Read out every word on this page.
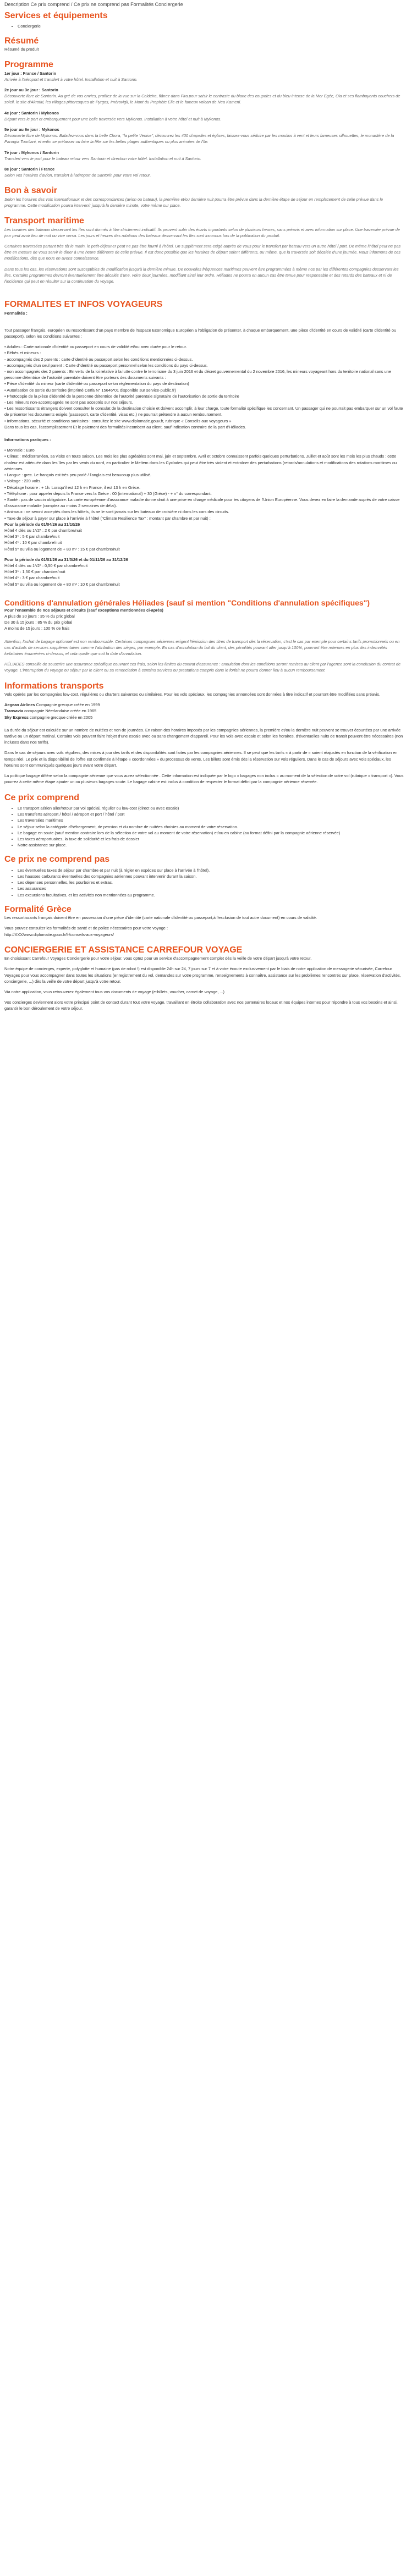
Description Ce prix comprend / Ce prix ne comprend pas Formalités Conciergerie
Services et équipements
• Conciergerie
Résumé

Résumé du produit

Programme
1er jour : France / Santorin
Arrivée à l'aéroport et transfert à votre hôtel. Installation et nuit à Santorin.
2e jour au 3e jour : Santorin
Découverte libre de Santorin. Au gré de vos envies, profitez de la vue sur la Caldeira, flânez dans Fira pour saisir le contraste du blanc des coupoles et du bleu intense de la Mer Egée, Oia et ses flamboyants couchers de soleil, le site d'Akrotiri, les villages pittoresques de Pyrgos, Imérovigli, le Mont du Prophète Elie et le fameux volcan de Nea Kameni.
4e jour : Santorin / Mykonos
Départ vers le port et embarquement pour une belle traversée vers Mykonos. Installation à votre hôtel et nuit à Mykonos.
5e jour au 6e jour : Mykonos
Découverte libre de Mykonos. Baladez-vous dans la belle Chora, "la petite Venise", découvrez les 400 chapelles et églises, laissez-vous séduire par les moulins à vent et leurs fameuses silhouettes, le monastère de la Panagia Tourliani, et enfin se prélasser ou faire la fête sur les belles plages authentiques ou plus animées de l'île.
7è jour : Mykonos / Santorin
Transfert vers le port pour le bateau retour vers Santorin et direction votre hôtel. Installation et nuit à Santorin.
8e jour : Santorin / France
Selon vos horaires d'avion, transfert à l'aéroport de Santorin pour votre vol retour.
Bon à savoir

Selon les horaires des vols internationaux et des correspondances (avion ou bateau), la première et/ou dernière nuit pourra être prévue dans la dernière étape de séjour en remplacement de celle prévue dans le programme. Cette modification pourra intervenir jusqu'à la dernière minute, votre même sur place.

Transport maritime

Les horaires des bateaux desservant les îles sont donnés à titre strictement indicatif. Ils peuvent subir des écarts importants selon de plusieurs heures, sans préavis et avec information sur place. Une traversée prévue de jour peut avoir lieu de nuit ou vice versa. Les jours et heures des rotations des bateaux desservant les îles sont inconnus lors de la publication du produit.

Certaines traversées partant très tôt le matin, le petit-déjeuner peut ne pas être fourni à l'hôtel. Un supplément sera exigé auprès de vous pour le transfert par bateau vers un autre hôtel / port. De même l'hôtel peut ne pas être en mesure de vous servir le dîner à une heure différente de celle prévue. Il est donc possible que les horaires de départ soient différents, ou même, que la traversée soit décalée d'une journée. Nous informons de ces modifications, dès que nous en avons connaissance.

Dans tous les cas, les réservations sont susceptibles de modification jusqu'à la dernière minute. De nouvelles fréquences maritimes peuvent être programmées à même nos par les différentes compagnies desservant les îles. Certains programmes devront éventuellement être décalés d'une, voire deux journées, modifiant ainsi leur ordre. Héliades ne pourra en aucun cas être tenue pour responsable et des retards des bateaux et ni de l'incidence qui peut en résulter sur la continuation du voyage.

FORMALITES ET INFOS VOYAGEURS

Formalités :

Tout passager français, européen ou ressortissant d'un pays membre de l'Espace Economique Européen a l'obligation de présenter, à chaque embarquement, une pièce d'identité en cours de validité (carte d'identité ou passeport), selon les conditions suivantes :

• Adultes : Carte nationale d'identité ou passeport en cours de validité et/ou avec durée pour le retour.
• Bébés et mineurs :
- accompagnés des 2 parents : carte d'identité ou passeport selon les conditions mentionnées ci-dessus.
- accompagnés d'un seul parent : Carte d'identité ou passeport personnel selon les conditions du pays ci-dessus.
- non accompagnés des 2 parents : En vertu de la loi relative à la lutte contre le terrorisme du 3 juin 2016 et du décret gouvernemental du 2 novembre 2016, les mineurs voyageant hors du territoire national sans une personne détentrice de l'autorité parentale doivent être porteurs des documents suivants :
• Pièce d'identité du mineur (carte d'identité ou passeport selon réglementation du pays de destination)
• Autorisation de sortie du territoire (imprimé Cerfa N° 15646*01 disponible sur service-public.fr)
• Photocopie de la pièce d'identité de la personne détentrice de l'autorité parentale signataire de l'autorisation de sortie du territoire
- Les mineurs non-accompagnés ne sont pas acceptés sur nos séjours.
• Les ressortissants étrangers doivent consulter le consulat de la destination choisie et doivent accomplir, à leur charge, toute formalité spécifique les concernant. Un passager qui ne pourrait pas embarquer sur un vol faute de présenter les documents exigés (passeport, carte d'identité, visas etc.) ne pourrait prétendre à aucun remboursement.
• Informations, sécurité et conditions sanitaires : consultez le site www.diplomatie.gouv.fr, rubrique « Conseils aux voyageurs »
Dans tous les cas, l'accomplissement Et le paiement des formalités incombent au client, sauf indication contraire de la part d'Héliades.

Informations pratiques :

• Monnaie : Euro
• Climat : méditerranéen, sa visite en toute saison. Les mois les plus agréables sont mai, juin et septembre. Avril et octobre connaissent parfois quelques perturbations. Juillet et août sont les mois les plus chauds : cette chaleur est atténuée dans les îles par les vents du nord, en particulier le Meltem dans les Cyclades qui peut être très violent et entraîner des perturbations (retards/annulations et modifications des rotations maritimes ou aériennes.
• Langue : grec. Le français est très peu parlé / l'anglais est beaucoup plus utilisé.
• Voltage : 220 volts.
• Décalage horaire : + 1h. Lorsqu'il est 12 h en France, il est 13 h en Grèce.
• Téléphone : pour appeler depuis la France vers la Grèce : 00 (international) + 30 (Grèce) - + n° du correspondant.
• Santé : pas de vaccin obligatoire. La carte européenne d'assurance maladie donne droit à une prise en charge médicale pour les citoyens de l'Union Européenne. Vous devez en faire la demande auprès de votre caisse d'assurance maladie (comptez au moins 2 semaines de délai).
• Animaux : ne seront acceptés dans les hôtels, ils ne le sont jamais sur les bateaux de croisière ni dans les cars des circuits.
• Taxe de séjour à payer sur place à l'arrivée à l'hôtel ("Climate Resilience Tax" : montant par chambre et par nuit) :
Pour la période du 01/04/26 au 31/10/26
Hôtel 4 clés ou 1*/2* : 2 € par chambre/nuit
Hôtel 3* : 5 € par chambre/nuit
Hôtel 4* : 10 € par chambre/nuit
Hôtel 5* ou villa ou logement de + 80 m² : 15 € par chambre/nuit
Pour la période du 01/01/26 au 31/3/26 et du 01/11/26 au 31/12/26
Hôtel 4 clés ou 1*/2* : 0,50 € par chambre/nuit
Hôtel 3* : 1,50 € par chambre/nuit
Hôtel 4* : 3 € par chambre/nuit
Hôtel 5* ou villa ou logement de + 80 m² : 10 € par chambre/nuit
Conditions d'annulation générales Héliades (sauf si mention "Conditions d'annulation spécifiques")
Pour l'ensemble de nos séjours et circuits (sauf exceptions mentionnées ci-après)
A plus de 30 jours : 35 % du prix global
De 30 à 15 jours : 85 % du prix global
A moins de 15 jours : 100 % de frais

Attention, l'achat de bagage optionnel est non remboursable. Certaines compagnies aériennes exigent l'émission des titres de transport dès la réservation, c'est le cas par exemple pour certains tarifs promotionnels ou en cas d'achats de services supplémentaires comme l'attribution des sièges, par exemple. En cas d'annulation du fait du client, des pénalités pouvant aller jusqu'à 100%, pourront être retenues en plus des indemnités forfaitaires énumérées ci-dessus, et cela quelle que soit la date d'annulation.

HÉLIADES conseille de souscrire une assurance spécifique couvrant ces frais, selon les limites du contrat d'assurance : annulation dont les conditions seront remises au client par l'agence sont la conclusion du contrat de voyage. L'interruption du voyage ou séjour par le client ou sa renonciation à certains services ou prestations compris dans le forfait ne pourra donner lieu à aucun remboursement.

Informations transports

Vols opérés par les compagnies low-cost, régulières ou charters suivantes ou similaires. Pour les vols spéciaux, les compagnies annoncées sont données à titre indicatif et pourront être modifiées sans préavis.

Aegean Airlines Compagnie grecque créée en 1999
Transavia compagnie Néerlandaise créée en 1965
Sky Express compagnie grecque créée en 2005

La durée du séjour est calculée sur un nombre de nuitées et non de journées. En raison des horaires imposés par les compagnies aériennes, la première et/ou la dernière nuit peuvent se trouver écourtées par une arrivée tardive ou un départ matinal. Certains vols peuvent faire l'objet d'une escale avec ou sans changement d'appareil. Pour les vols avec escale et selon les horaires, d'éventuelles nuits de transit peuvent être nécessaires (non incluses dans nos tarifs).

Dans le cas de séjours avec vols réguliers, des mises à jour des tarifs et des disponibilités sont faites par les compagnies aériennes. Il se peut que les tarifs « à partir de » soient réajustés en fonction de la vérification en temps réel. Le prix et la disponibilité de l'offre est confirmée à l'étape « coordonnées » du processus de vente. Les billets sont émis dès la réservation sur vols réguliers. Dans le cas de séjours avec vols spéciaux, les horaires sont communiqués quelques jours avant votre départ.

La politique bagage diffère selon la compagnie aérienne que vous aurez sélectionnée . Cette information est indiquée par le logo « bagages non inclus » au moment de la sélection de votre vol (rubrique « transport »). Vous pourrez à cette même étape ajouter un ou plusieurs bagages soute. Le bagage cabine est inclus à condition de respecter le format défini par la compagnie aérienne réservée.

Ce prix comprend
• Le transport aérien aller/retour par vol spécial, régulier ou low-cost (direct ou avec escale)
• Les transferts aéroport / hôtel / aéroport et port / hôtel / port
• Les traversées maritimes
• Le séjour selon la catégorie d'hébergement, de pension et du nombre de nuitées choisies au moment de votre réservation.
• Le bagage en soute (sauf mention contraire lors de la sélection de votre vol au moment de votre réservation) et/ou en cabine (au format défini par la compagnie aérienne réservée)
• Les taxes aéroportuaires, la taxe de solidarité et les frais de dossier
• Notre assistance sur place.
Ce prix ne comprend pas
• Les éventuelles taxes de séjour par chambre et par nuit (à régler en espèces sur place à l'arrivée à l'hôtel).
• Les hausses carburants éventuelles des compagnies aériennes pouvant intervenir durant la saison.
• Les dépenses personnelles, les pourboires et extras.
• Les assurances
• Les excursions facultatives, et les activités non mentionnées au programme.
Formalité Grèce

Les ressortissants français doivent être en possession d'une pièce d'identité (carte nationale d'identité ou passeport,à l'exclusion de tout autre document) en cours de validité.

Vous pouvez consulter les formalités de santé et de police nécessaires pour votre voyage :

http://XXX/www.diplomatie.gouv.fr/fr/conseils-aux-voyageurs/

CONCIERGERIE ET ASSISTANCE CARREFOUR VOYAGE

En choisissant Carrefour Voyages Conciergerie pour votre séjour, vous optez pour un service d'accompagnement complet dès la veille de votre départ jusqu'à votre retour.

Notre équipe de concierges, experte, polyglotte et humaine (pas de robot !) est disponible 24h sur 24, 7 jours sur 7 et à votre écoute exclusivement par le biais de notre application de messagerie sécurisée, Carrefour Voyages pour vous accompagner dans toutes les situations (enregistrement du vol, demandes sur votre programme, renseignements à connaître, assistance sur les problèmes rencontrés sur place, réservation d'activités, conciergerie, ...) dès la veille de votre départ jusqu'à votre retour.

Via notre application, vous retrouverez également tous vos documents de voyage (e-billets, voucher, carnet de voyage, ...)

Vos concierges deviennent alors votre principal point de contact durant tout votre voyage, travaillant en étroite collaboration avec nos partenaires locaux et nos équipes internes pour répondre à tous vos besoins et ainsi, garantir le bon déroulement de votre séjour.
